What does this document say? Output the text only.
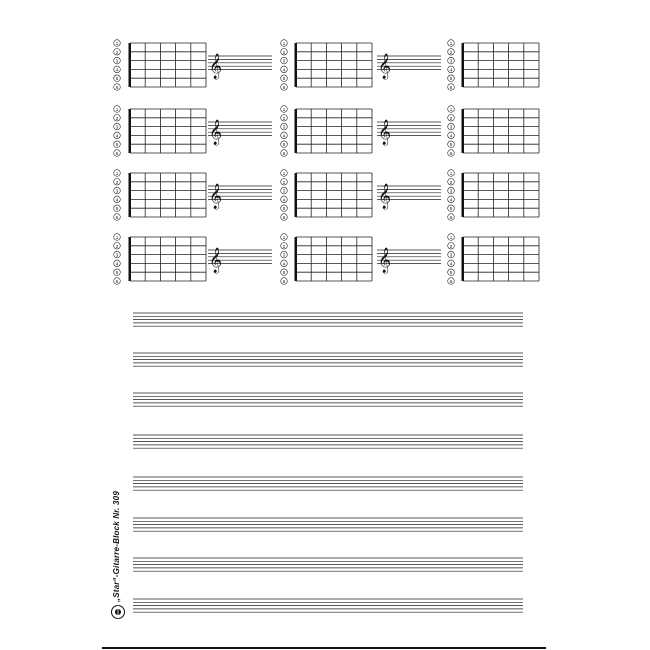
1
2
3
4
5
6
1
2
3
4
5
6
1
2
3
4
5
6
𝄞	𝄞
1
2
3
4
5
6
1
2
3
4
5
6
1
2
3
4
5
6
𝄞	𝄞
1
2
3
4
5
6
1
2
3
4
5
6
1
2
3
4
5
6
𝄞	𝄞
1
2
3
4
5
6
1
2
3
4
5
6
1
2
3
4
5
6
𝄞	𝄞
„Star“-Gitarre-Block Nr. 309
